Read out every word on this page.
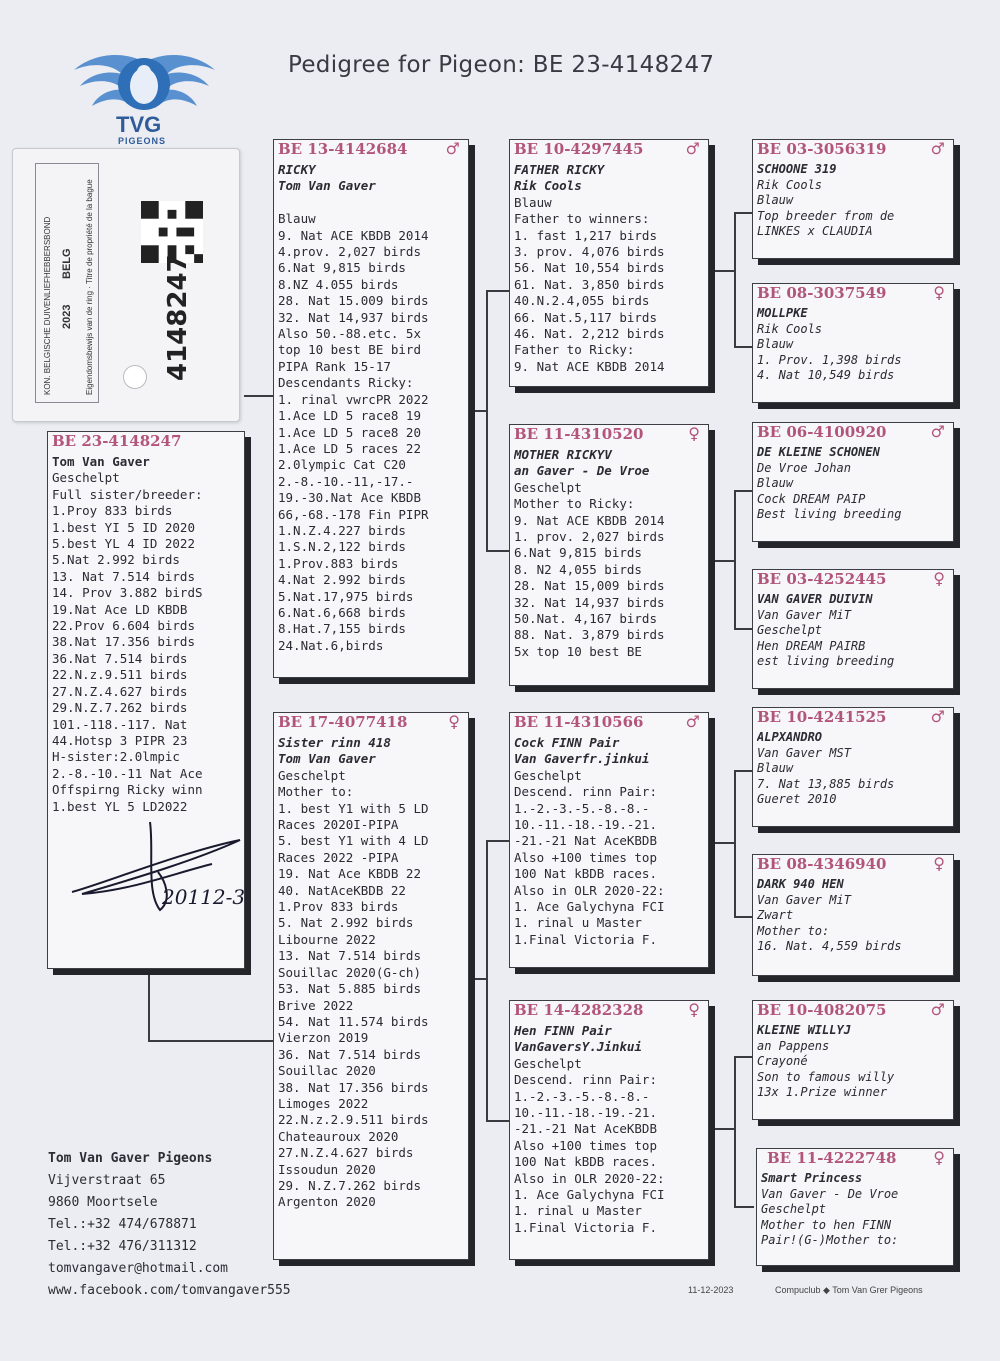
Pedigree for Pigeon: BE 23-4148247
TVG
PIGEONS
KON. BELGISCHE DUIVENLIEFHEBBERSBOND	Eigendomsbewijs van de ring · Titre de propriété de la bague
2023
BELG	4148247
BE 23-4148247
Tom Van Gaver
Geschelpt
Full sister/breeder:
1.Proy 833 birds
1.best YI 5 ID 2020
5.best YL 4 ID 2022
5.Nat 2.992 birds
13. Nat 7.514 birds
14. Prov 3.882 birdS
19.Nat Ace LD KBDB
22.Prov 6.604 birds
38.Nat 17.356 birds
36.Nat 7.514 birds
22.N.z.9.511 birds
27.N.Z.4.627 birds
29.N.Z.7.262 birds
101.-118.-117. Nat
44.Hotsp 3 PIPR 23
H-sister:2.0lmpic
2.-8.-10.-11 Nat Ace
Offspirng Ricky winn
1.best YL 5 LD2022
20112-3
BE 13-4142684 ♂
RICKY
Tom Van Gaver

Blauw
9. Nat ACE KBDB 2014
4.prov. 2,027 birds
6.Nat 9,815 birds
8.NZ 4.055 birds
28. Nat 15.009 birds
32. Nat 14,937 birds
Also 50.-88.etc. 5x
top 10 best BE bird
PIPA Rank 15-17
Descendants Ricky:
1. rinal vwrcPR 2022
1.Ace LD 5 race8 19
1.Ace LD 5 race8 20
1.Ace LD 5 races 22
2.0lympic Cat C20
2.-8.-10.-11,-17.-
19.-30.Nat Ace KBDB
66,-68.-178 Fin PIPR
1.N.Z.4.227 birds
1.S.N.2,122 birds
1.Prov.883 birds
4.Nat 2.992 birds
5.Nat.17,975 birds
6.Nat.6,668 birds
8.Hat.7,155 birds
24.Nat.6,birds
BE 17-4077418	♀
Sister rinn 418
Tom Van Gaver
Geschelpt
Mother to:
1. best Y1 with 5 LD
Races 2020I-PIPA
5. best Y1 with 4 LD
Races 2022 -PIPA
19. Nat Ace KBDB 22
40. NatAceKBDB 22
1.Prov 833 birds
5. Nat 2.992 birds
Libourne 2022
13. Nat 7.514 birds
Souillac 2020(G-ch)
53. Nat 5.885 birds
Brive 2022
54. Nat 11.574 birds
Vierzon 2019
36. Nat 7.514 birds
Souillac 2020
38. Nat 17.356 birds
Limoges 2022
22.N.z.2.9.511 birds
Chateauroux 2020
27.N.Z.4.627 birds
Issoudun 2020
29. N.Z.7.262 birds
Argenton 2020
BE 10-4297445	♂
FATHER RICKY
Rik Cools
Blauw
Father to winners:
1. fast 1,217 birds
3. prov. 4,076 birds
56. Nat 10,554 birds
61. Nat. 3,850 birds
40.N.2.4,055 birds
66. Nat.5,117 birds
46. Nat. 2,212 birds
Father to Ricky:
9. Nat ACE KBDB 2014
BE 11-4310520	♀
MOTHER RICKYV
an Gaver - De Vroe
Geschelpt
Mother to Ricky:
9. Nat ACE KBDB 2014
1. prov. 2,027 birds
6.Nat 9,815 birds
8. N2 4,055 birds
28. Nat 15,009 birds
32. Nat 14,937 birds
50.Nat. 4,167 birds
88. Nat. 3,879 birds
5x top 10 best BE
BE 11-4310566	♂
Cock FINN Pair
Van Gaverfr.jinkui
Geschelpt
Descend. rinn Pair:
1.-2.-3.-5.-8.-8.-
10.-11.-18.-19.-21.
-21.-21 Nat AceKBDB
Also +100 times top
100 Nat kBDB races.
Also in OLR 2020-22:
1. Ace Galychyna FCI
1. rinal u Master
1.Final Victoria F.
BE 14-4282328	♀
Hen FINN Pair
VanGaversY.Jinkui
Geschelpt
Descend. rinn Pair:
1.-2.-3.-5.-8.-8.-
10.-11.-18.-19.-21.
-21.-21 Nat AceKBDB
Also +100 times top
100 Nat kBDB races.
Also in OLR 2020-22:
1. Ace Galychyna FCI
1. rinal u Master
1.Final Victoria F.
BE 03-3056319	♂
SCHOONE 319
Rik Cools
Blauw
Top breeder from de
LINKES x CLAUDIA
BE 08-3037549	♀
MOLLPKE
Rik Cools
Blauw
1. Prov. 1,398 birds
4. Nat 10,549 birds
BE 06-4100920	♂
DE KLEINE SCHONEN
De Vroe Johan
Blauw
Cock DREAM PAIP
Best living breeding
BE 03-4252445	♀
VAN GAVER DUIVIN
Van Gaver MiT
Geschelpt
Hen DREAM PAIRB
est living breeding
BE 10-4241525	♂
ALPXANDRO
Van Gaver MST
Blauw
7. Nat 13,885 birds
Gueret 2010
BE 08-4346940	♀
DARK 940 HEN
Van Gaver MiT
Zwart
Mother to:
16. Nat. 4,559 birds
BE 10-4082075	♂
KLEINE WILLYJ
an Pappens
Crayoné
Son to famous willy
13x 1.Prize winner
BE 11-4222748 ♀
Smart Princess
Van Gaver - De Vroe
Geschelpt
Mother to hen FINN
Pair!(G-)Mother to:
Tom Van Gaver Pigeons
Vijverstraat 65
9860 Moortsele
Tel.:+32 474/678871
Tel.:+32 476/311312
tomvangaver@hotmail.com
www.facebook.com/tomvangaver555	11-12-2023	Compuclub ◆ Tom Van Grer Pigeons
